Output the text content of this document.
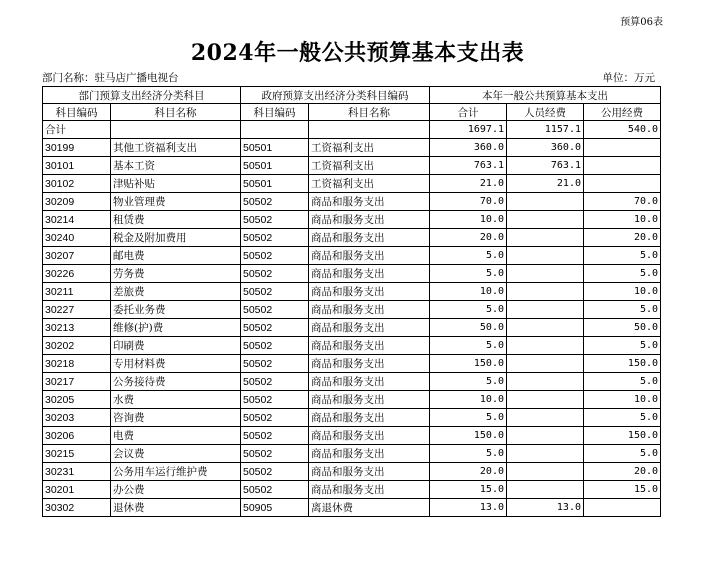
预算06表
2024年一般公共预算基本支出表
部门名称：驻马店广播电视台	单位：万元
部门预算支出经济分类科目		政府预算支出经济分类科目编码		本年一般公共预算基本支出		
科目编码	科目名称	科目编码	科目名称	合计	人员经费	公用经费
合计				1697.1	1157.1	540.0
30199	其他工资福利支出	50501	工资福利支出	360.0	360.0	
30101	基本工资	50501	工资福利支出	763.1	763.1	
30102	津贴补贴	50501	工资福利支出	21.0	21.0	
30209	物业管理费	50502	商品和服务支出	70.0		70.0
30214	租赁费	50502	商品和服务支出	10.0		10.0
30240	税金及附加费用	50502	商品和服务支出	20.0		20.0
30207	邮电费	50502	商品和服务支出	5.0		5.0
30226	劳务费	50502	商品和服务支出	5.0		5.0
30211	差旅费	50502	商品和服务支出	10.0		10.0
30227	委托业务费	50502	商品和服务支出	5.0		5.0
30213	维修(护)费	50502	商品和服务支出	50.0		50.0
30202	印刷费	50502	商品和服务支出	5.0		5.0
30218	专用材料费	50502	商品和服务支出	150.0		150.0
30217	公务接待费	50502	商品和服务支出	5.0		5.0
30205	水费	50502	商品和服务支出	10.0		10.0
30203	咨询费	50502	商品和服务支出	5.0		5.0
30206	电费	50502	商品和服务支出	150.0		150.0
30215	会议费	50502	商品和服务支出	5.0		5.0
30231	公务用车运行维护费	50502	商品和服务支出	20.0		20.0
30201	办公费	50502	商品和服务支出	15.0		15.0
30302	退休费	50905	离退休费	13.0	13.0	
